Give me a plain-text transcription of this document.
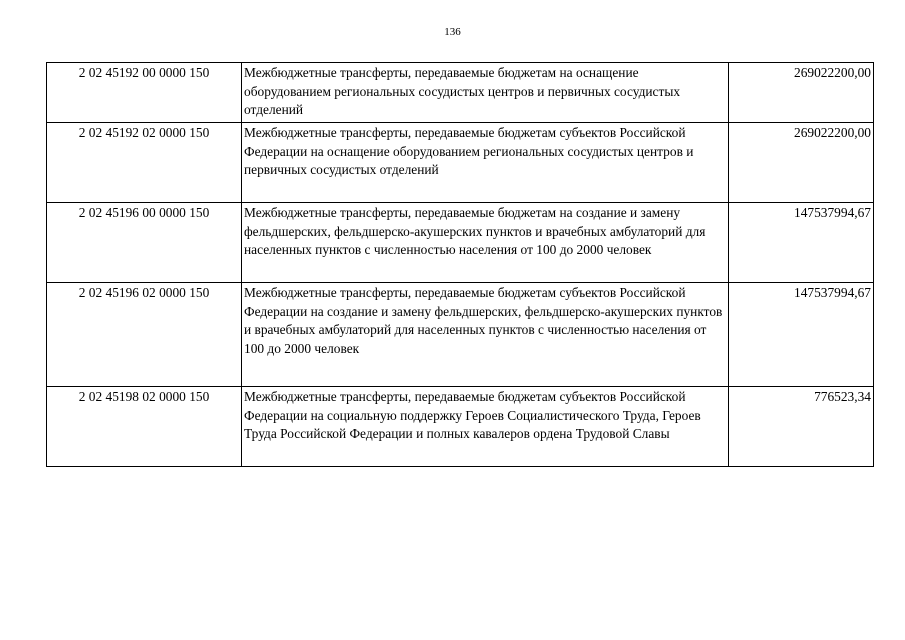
136
2 02 45192 00 0000 150	Межбюджетные трансферты, передаваемые бюджетам на оснащение оборудованием региональных сосудистых центров и первичных сосудистых отделений	269022200,00
2 02 45192 02 0000 150	Межбюджетные трансферты, передаваемые бюджетам субъектов Российской Федерации на оснащение оборудованием региональных сосудистых центров и первичных сосудистых отделений	269022200,00
2 02 45196 00 0000 150	Межбюджетные трансферты, передаваемые бюджетам на создание и замену фельдшерских, фельдшерско-акушерских пунктов и врачебных амбулаторий для населенных пунктов с численностью населения от 100 до 2000 человек	147537994,67
2 02 45196 02 0000 150	Межбюджетные трансферты, передаваемые бюджетам субъектов Российской Федерации на создание и замену фельдшерских, фельдшерско-акушерских пунктов и врачебных амбулаторий для населенных пунктов с численностью населения от 100 до 2000 человек	147537994,67
2 02 45198 02 0000 150	Межбюджетные трансферты, передаваемые бюджетам субъектов Российской Федерации на социальную поддержку Героев Социалистического Труда, Героев Труда Российской Федерации и полных кавалеров ордена Трудовой Славы	776523,34
